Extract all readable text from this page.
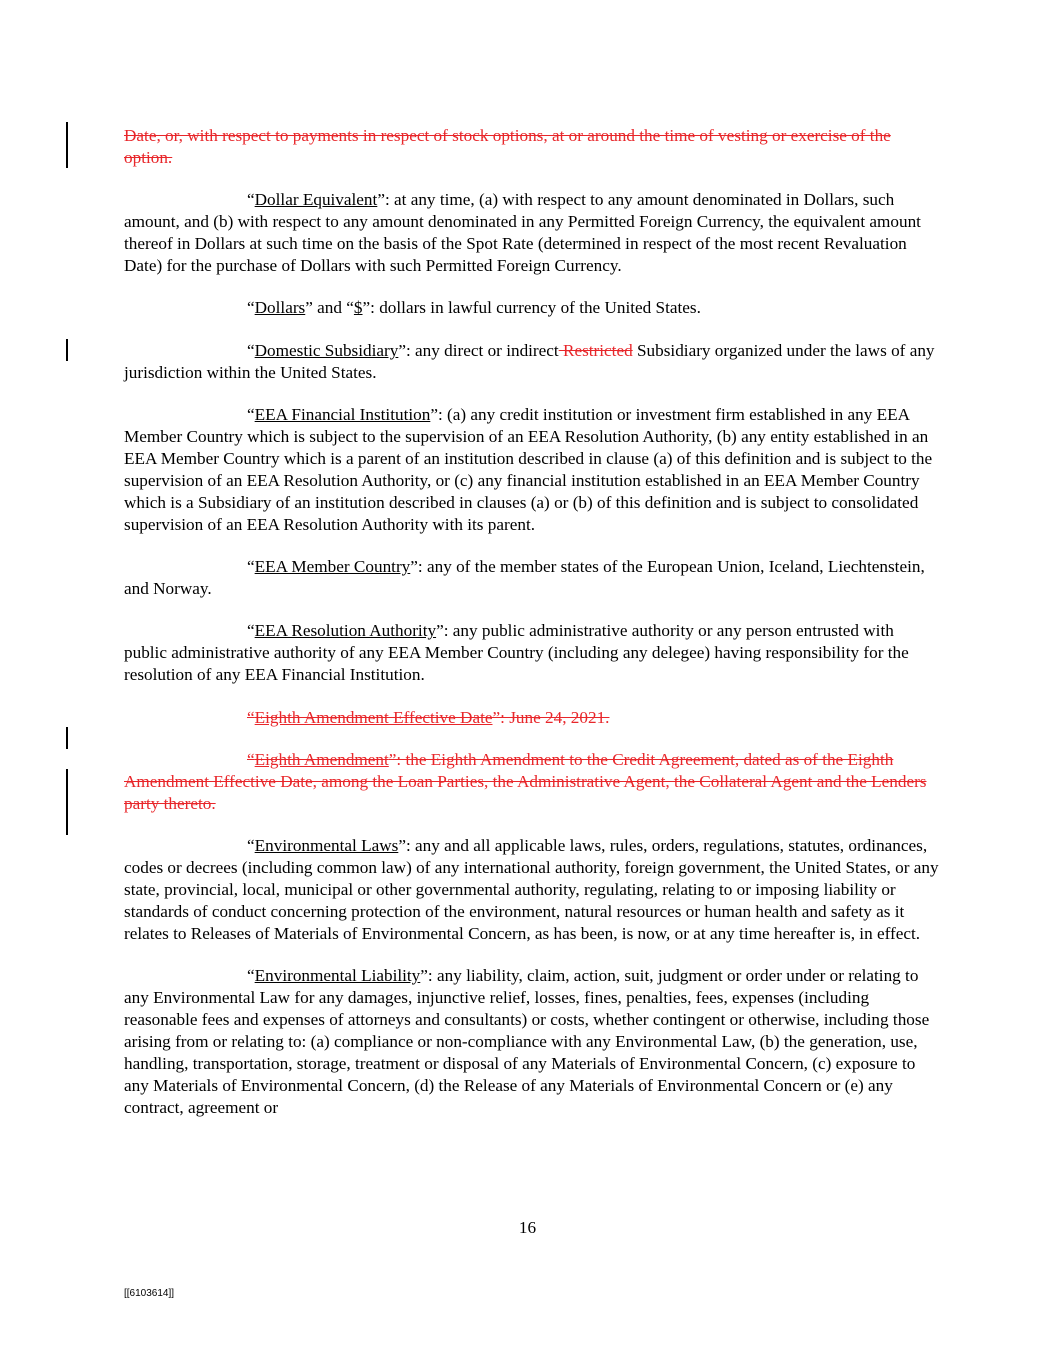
Date, or, with respect to payments in respect of stock options, at or around the time of vesting or exercise of the option.

“Dollar Equivalent”: at any time, (a) with respect to any amount denominated in Dollars, such amount, and (b) with respect to any amount denominated in any Permitted Foreign Currency, the equivalent amount thereof in Dollars at such time on the basis of the Spot Rate (determined in respect of the most recent Revaluation Date) for the purchase of Dollars with such Permitted Foreign Currency.

“Dollars” and “$”: dollars in lawful currency of the United States.

“Domestic Subsidiary”: any direct or indirect Restricted Subsidiary organized under the laws of any jurisdiction within the United States.

“EEA Financial Institution”: (a) any credit institution or investment firm established in any EEA Member Country which is subject to the supervision of an EEA Resolution Authority, (b) any entity established in an EEA Member Country which is a parent of an institution described in clause (a) of this definition and is subject to the supervision of an EEA Resolution Authority, or (c) any financial institution established in an EEA Member Country which is a Subsidiary of an institution described in clauses (a) or (b) of this definition and is subject to consolidated supervision of an EEA Resolution Authority with its parent.

“EEA Member Country”: any of the member states of the European Union, Iceland, Liechtenstein, and Norway.

“EEA Resolution Authority”: any public administrative authority or any person entrusted with public administrative authority of any EEA Member Country (including any delegee) having responsibility for the resolution of any EEA Financial Institution.

“Eighth Amendment Effective Date”: June 24, 2021.

“Eighth Amendment”: the Eighth Amendment to the Credit Agreement, dated as of the Eighth Amendment Effective Date, among the Loan Parties, the Administrative Agent, the Collateral Agent and the Lenders party thereto.

“Environmental Laws”: any and all applicable laws, rules, orders, regulations, statutes, ordinances, codes or decrees (including common law) of any international authority, foreign government, the United States, or any state, provincial, local, municipal or other governmental authority, regulating, relating to or imposing liability or standards of conduct concerning protection of the environment, natural resources or human health and safety as it relates to Releases of Materials of Environmental Concern, as has been, is now, or at any time hereafter is, in effect.

“Environmental Liability”: any liability, claim, action, suit, judgment or order under or relating to any Environmental Law for any damages, injunctive relief, losses, fines, penalties, fees, expenses (including reasonable fees and expenses of attorneys and consultants) or costs, whether contingent or otherwise, including those arising from or relating to: (a) compliance or non-compliance with any Environmental Law, (b) the generation, use, handling, transportation, storage, treatment or disposal of any Materials of Environmental Concern, (c) exposure to any Materials of Environmental Concern, (d) the Release of any Materials of Environmental Concern or (e) any contract, agreement or

16
[[6103614]]
